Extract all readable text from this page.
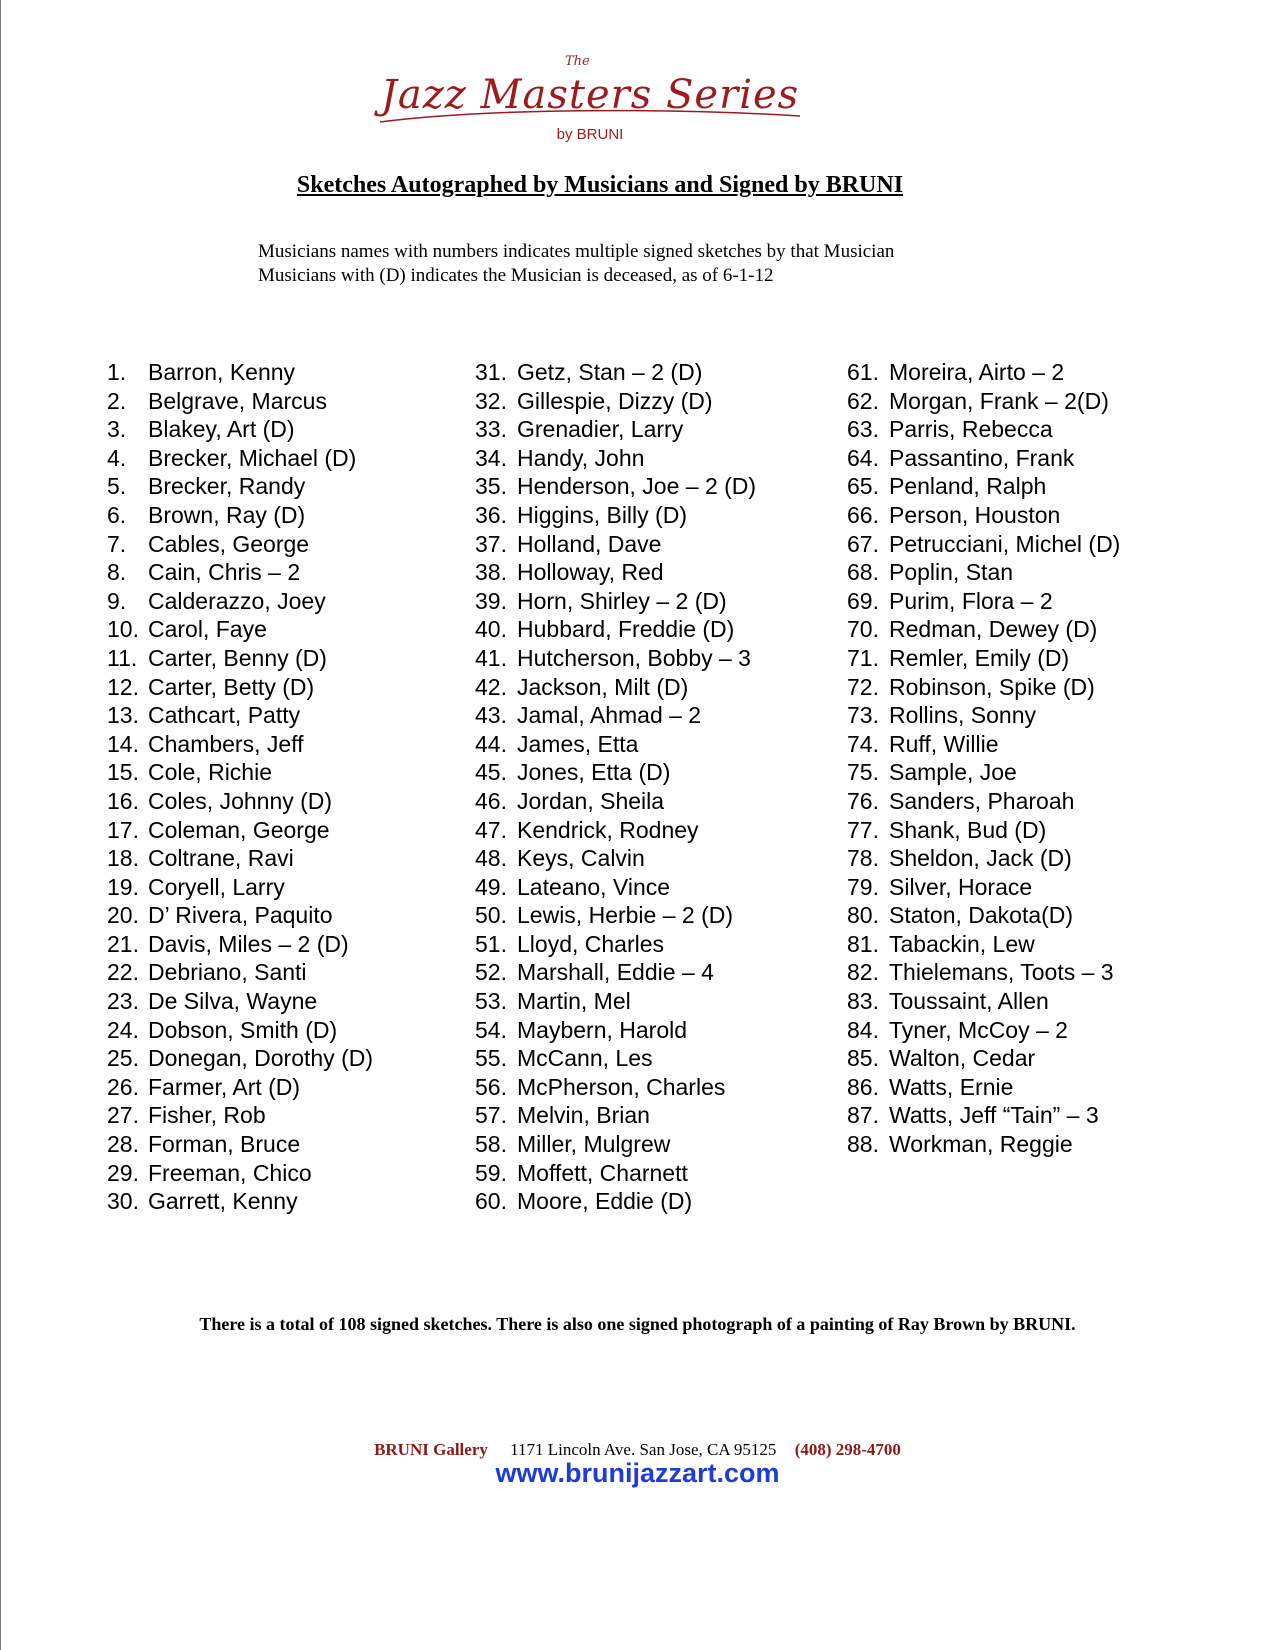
The
Jazz Masters Series
by BRUNI
Sketches Autographed by Musicians and Signed by BRUNI
Musicians names with numbers indicates multiple signed sketches by that Musician
Musicians with (D) indicates the Musician is deceased, as of 6-1-12
1. Barron, Kenny
2. Belgrave, Marcus
3. Blakey, Art (D)
4. Brecker, Michael (D)
5. Brecker, Randy
6. Brown, Ray (D)
7. Cables, George
8. Cain, Chris – 2
9. Calderazzo, Joey
10. Carol, Faye
11. Carter, Benny (D)
12. Carter, Betty (D)
13. Cathcart, Patty
14. Chambers, Jeff
15. Cole, Richie
16. Coles, Johnny (D)
17. Coleman, George
18. Coltrane, Ravi
19. Coryell, Larry
20. D’ Rivera, Paquito
21. Davis, Miles – 2 (D)
22. Debriano, Santi
23. De Silva, Wayne
24. Dobson, Smith (D)
25. Donegan, Dorothy (D)
26. Farmer, Art (D)
27. Fisher, Rob
28. Forman, Bruce
29. Freeman, Chico
30. Garrett, Kenny
31. Getz, Stan – 2 (D)
32. Gillespie, Dizzy (D)
33. Grenadier, Larry
34. Handy, John
35. Henderson, Joe – 2 (D)
36. Higgins, Billy (D)
37. Holland, Dave
38. Holloway, Red
39. Horn, Shirley – 2 (D)
40. Hubbard, Freddie (D)
41. Hutcherson, Bobby – 3
42. Jackson, Milt (D)
43. Jamal, Ahmad – 2
44. James, Etta
45. Jones, Etta (D)
46. Jordan, Sheila
47. Kendrick, Rodney
48. Keys, Calvin
49. Lateano, Vince
50. Lewis, Herbie – 2 (D)
51. Lloyd, Charles
52. Marshall, Eddie – 4
53. Martin, Mel
54. Maybern, Harold
55. McCann, Les
56. McPherson, Charles
57. Melvin, Brian
58. Miller, Mulgrew
59. Moffett, Charnett
60. Moore, Eddie (D)
61. Moreira, Airto – 2
62. Morgan, Frank – 2(D)
63. Parris, Rebecca
64. Passantino, Frank
65. Penland, Ralph
66. Person, Houston
67. Petrucciani, Michel (D)
68. Poplin, Stan
69. Purim, Flora – 2
70. Redman, Dewey (D)
71. Remler, Emily (D)
72. Robinson, Spike (D)
73. Rollins, Sonny
74. Ruff, Willie
75. Sample, Joe
76. Sanders, Pharoah
77. Shank, Bud (D)
78. Sheldon, Jack (D)
79. Silver, Horace
80. Staton, Dakota(D)
81. Tabackin, Lew
82. Thielemans, Toots – 3
83. Toussaint, Allen
84. Tyner, McCoy – 2
85. Walton, Cedar
86. Watts, Ernie
87. Watts, Jeff “Tain” – 3
88. Workman, Reggie
There is a total of 108 signed sketches. There is also one signed photograph of a painting of Ray Brown by BRUNI.
BRUNI Gallery 1171 Lincoln Ave. San Jose, CA 95125 (408) 298-4700
www.brunijazzart.com
